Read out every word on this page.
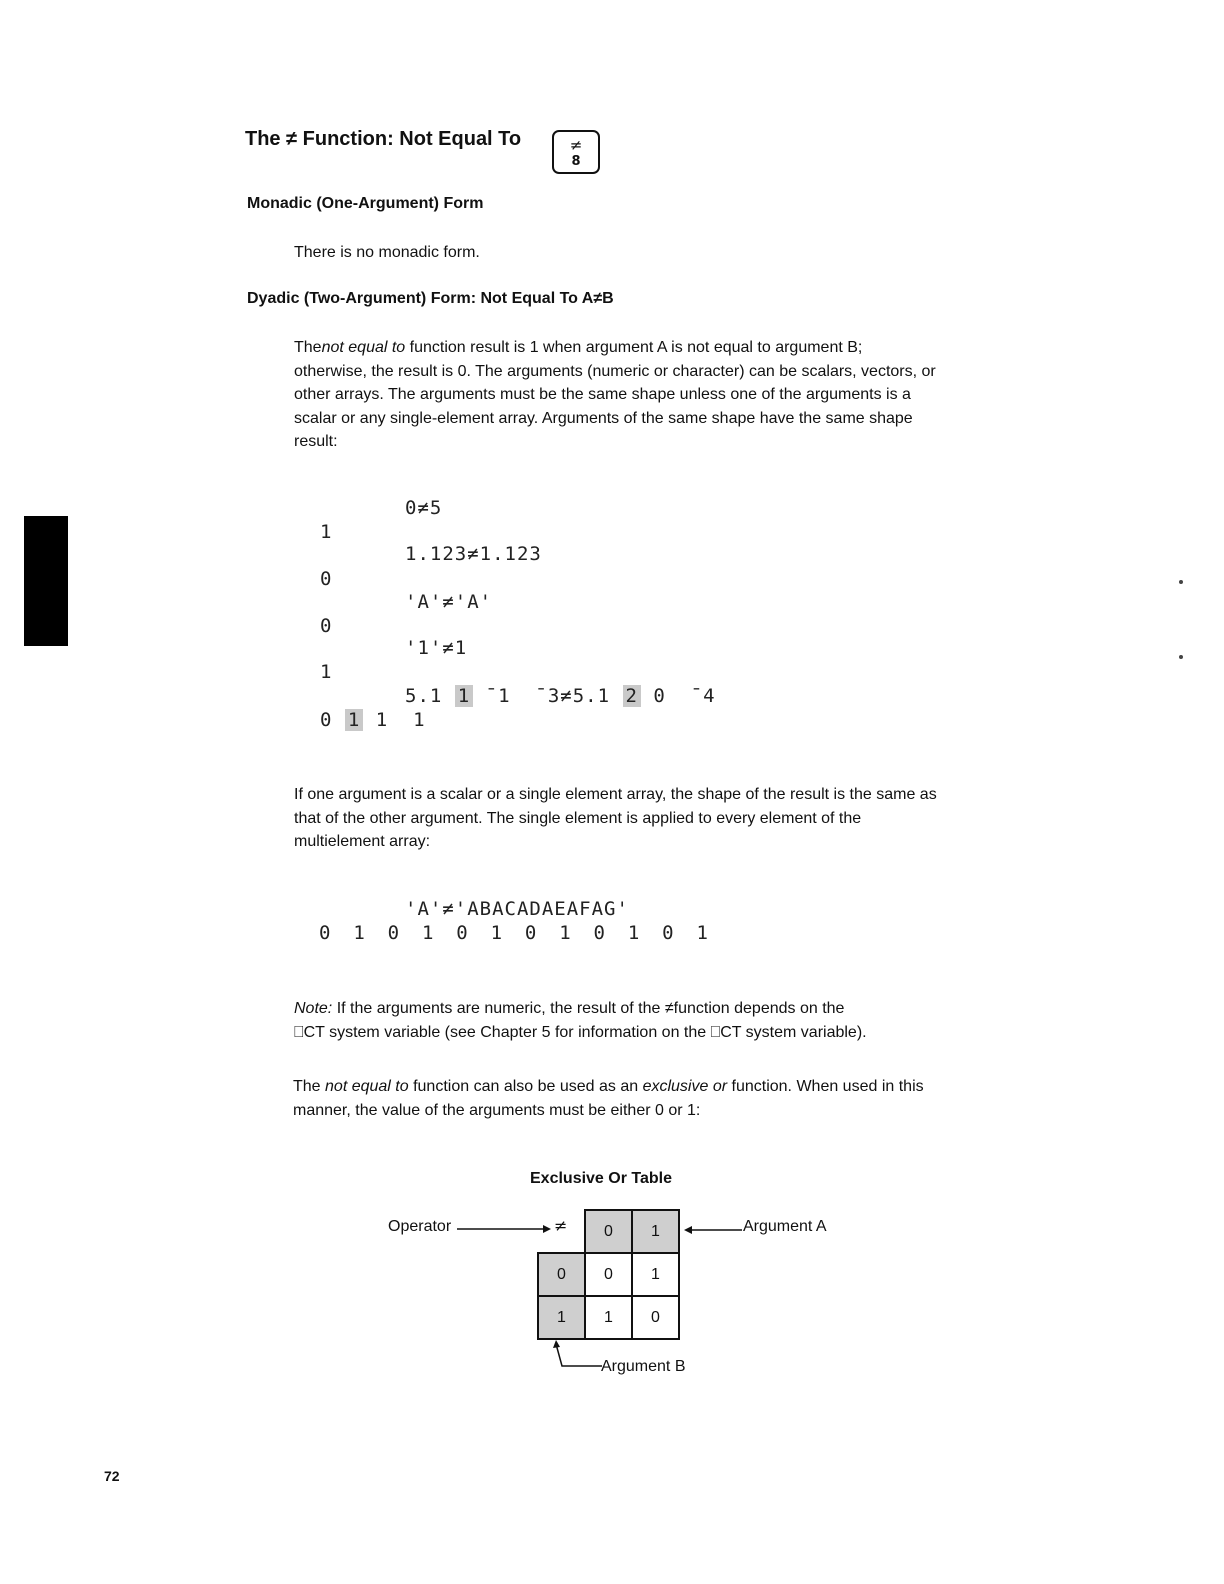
The ≠ Function: Not Equal To	≠
8
Monadic (One-Argument) Form
There is no monadic form.
Dyadic (Two-Argument) Form: Not Equal To A≠B
Thenot equal to function result is 1 when argument A is not equal to argument B;
otherwise, the result is 0. The arguments (numeric or character) can be scalars, vectors, or other arrays. The arguments must be the same shape unless one of the arguments is a scalar or any single-element array. Arguments of the same shape have the same shape result:
0≠5
1
1.123≠1.123
0
'A'≠'A'
0
'1'≠1
1
5.1 1 ¯1  ¯3≠5.1 2 0  ¯4
0 1 1  1
If one argument is a scalar or a single element array, the shape of the result is the same as that of the other argument. The single element is applied to every element of the multielement array:
'A'≠'ABACADAEAFAG'
0  1  0  1  0  1  0  1  0  1  0  1
Note: If the arguments are numeric, the result of the ≠function depends on the
⎕CT system variable (see Chapter 5 for information on the ⎕CT system variable).
The not equal to function can also be used as an exclusive or function. When used in this manner, the value of the arguments must be either 0 or 1:
Exclusive Or Table
Operator	≠
	0	1
0	0	1
1	1	0
Argument A
Argument B
72
